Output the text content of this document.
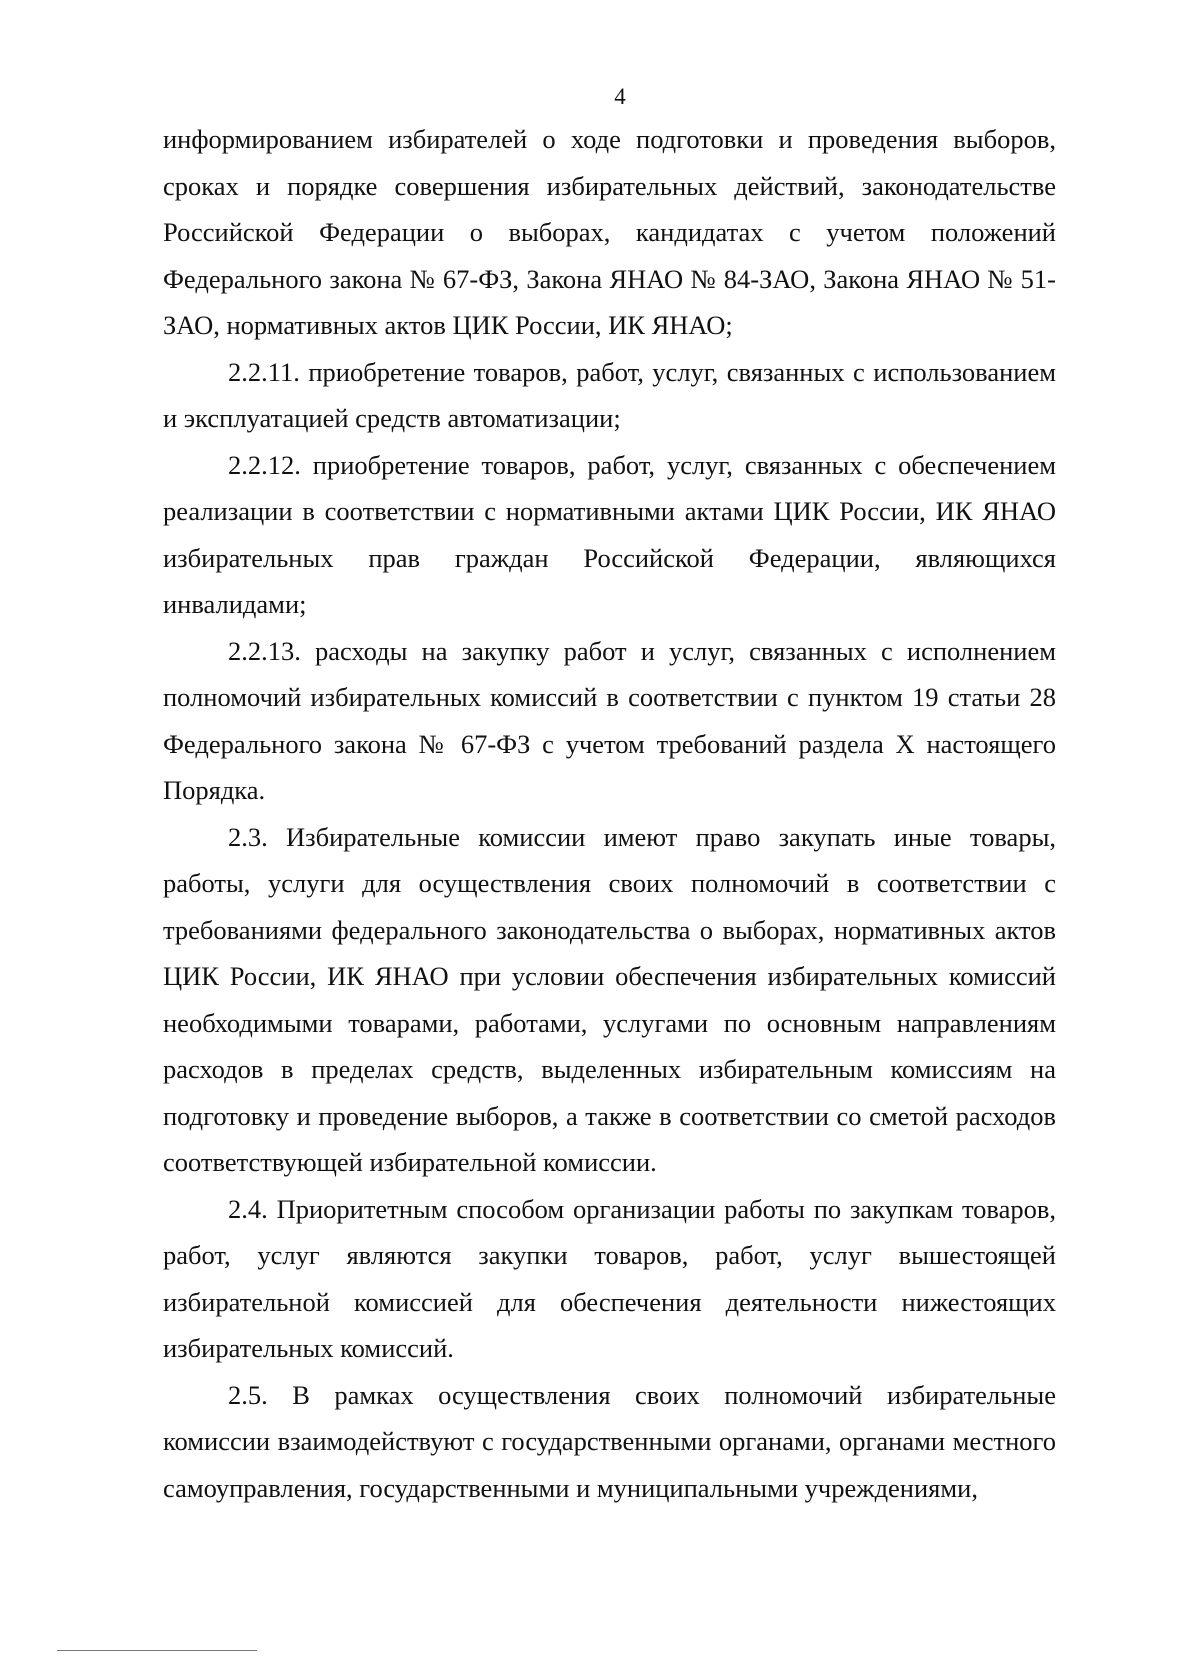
4

информированием избирателей о ходе подготовки и проведения выборов, сроках и порядке совершения избирательных действий, законодательстве Российской Федерации о выборах, кандидатах с учетом положений Федерального закона № 67-ФЗ, Закона ЯНАО № 84-ЗАО, Закона ЯНАО № 51-ЗАО, нормативных актов ЦИК России, ИК ЯНАО;

2.2.11. приобретение товаров, работ, услуг, связанных с использованием и эксплуатацией средств автоматизации;

2.2.12. приобретение товаров, работ, услуг, связанных с обеспечением реализации в соответствии с нормативными актами ЦИК России, ИК ЯНАО избирательных прав граждан Российской Федерации, являющихся инвалидами;

2.2.13. расходы на закупку работ и услуг, связанных с исполнением полномочий избирательных комиссий в соответствии с пунктом 19 статьи 28 Федерального закона № 67-ФЗ с учетом требований раздела X настоящего Порядка.

2.3. Избирательные комиссии имеют право закупать иные товары, работы, услуги для осуществления своих полномочий в соответствии с требованиями федерального законодательства о выборах, нормативных актов ЦИК России, ИК ЯНАО при условии обеспечения избирательных комиссий необходимыми товарами, работами, услугами по основным направлениям расходов в пределах средств, выделенных избирательным комиссиям на подготовку и проведение выборов, а также в соответствии со сметой расходов соответствующей избирательной комиссии.

2.4. Приоритетным способом организации работы по закупкам товаров, работ, услуг являются закупки товаров, работ, услуг вышестоящей избирательной комиссией для обеспечения деятельности нижестоящих избирательных комиссий.

2.5. В рамках осуществления своих полномочий избирательные комиссии взаимодействуют с государственными органами, органами местного самоуправления, государственными и муниципальными учреждениями,
